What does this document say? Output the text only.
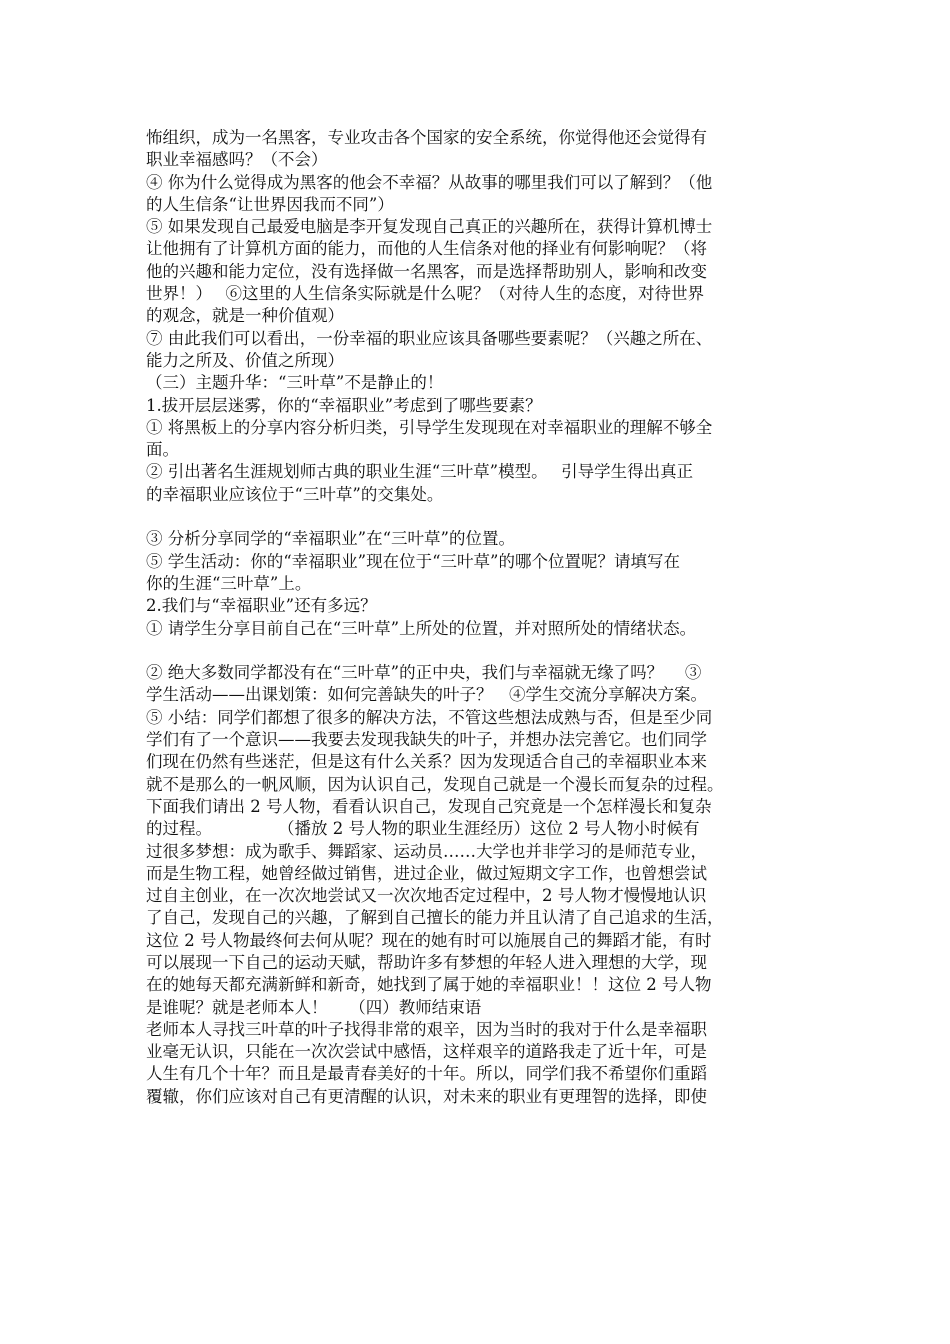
怖组织，成为一名黑客，专业攻击各个国家的安全系统，你觉得他还会觉得有
职业幸福感吗？（不会）
④ 你为什么觉得成为黑客的他会不幸福？从故事的哪里我们可以了解到？（他
的人生信条“让世界因我而不同”）
⑤ 如果发现自己最爱电脑是李开复发现自己真正的兴趣所在，获得计算机博士
让他拥有了计算机方面的能力，而他的人生信条对他的择业有何影响呢？（将
他的兴趣和能力定位，没有选择做一名黑客，而是选择帮助别人，影响和改变
世界！）　 ⑥这里的人生信条实际就是什么呢？（对待人生的态度，对待世界
的观念，就是一种价值观）
⑦ 由此我们可以看出，一份幸福的职业应该具备哪些要素呢？（兴趣之所在、
能力之所及、价值之所现）
（三）主题升华：“三叶草”不是静止的！
1.拔开层层迷雾，你的“幸福职业”考虑到了哪些要素？
① 将黑板上的分享内容分析归类，引导学生发现现在对幸福职业的理解不够全
面。
② 引出著名生涯规划师古典的职业生涯“三叶草”模型。　 引导学生得出真正
的幸福职业应该位于“三叶草”的交集处。
③ 分析分享同学的“幸福职业”在“三叶草”的位置。
⑤ 学生活动：你的“幸福职业”现在位于“三叶草”的哪个位置呢？请填写在
你的生涯“三叶草”上。
2.我们与“幸福职业”还有多远？
① 请学生分享目前自己在“三叶草”上所处的位置，并对照所处的情绪状态。
② 绝大多数同学都没有在“三叶草”的正中央，我们与幸福就无缘了吗？　 ③
学生活动——出课划策：如何完善缺失的叶子？　④学生交流分享解决方案。
⑤ 小结：同学们都想了很多的解决方法，不管这些想法成熟与否，但是至少同
学们有了一个意识——我要去发现我缺失的叶子，并想办法完善它。也们同学
们现在仍然有些迷茫，但是这有什么关系？因为发现适合自己的幸福职业本来
就不是那么的一帆风顺，因为认识自己，发现自己就是一个漫长而复杂的过程。
下面我们请出 2 号人物，看看认识自己，发现自己究竟是一个怎样漫长和复杂
的过程。　　　　　（播放 2 号人物的职业生涯经历）这位 2 号人物小时候有
过很多梦想：成为歌手、舞蹈家、运动员……大学也并非学习的是师范专业，
而是生物工程，她曾经做过销售，进过企业，做过短期文字工作，也曾想尝试
过自主创业，在一次次地尝试又一次次地否定过程中，2 号人物才慢慢地认识
了自己，发现自己的兴趣，了解到自己擅长的能力并且认清了自己追求的生活，
这位 2 号人物最终何去何从呢？现在的她有时可以施展自己的舞蹈才能，有时
可以展现一下自己的运动天赋，帮助许多有梦想的年轻人进入理想的大学，现
在的她每天都充满新鲜和新奇，她找到了属于她的幸福职业！！这位 2 号人物
是谁呢？就是老师本人！　 （四）教师结束语
老师本人寻找三叶草的叶子找得非常的艰辛，因为当时的我对于什么是幸福职
业毫无认识，只能在一次次尝试中感悟，这样艰辛的道路我走了近十年，可是
人生有几个十年？而且是最青春美好的十年。所以，同学们我不希望你们重蹈
覆辙，你们应该对自己有更清醒的认识，对未来的职业有更理智的选择，即使
